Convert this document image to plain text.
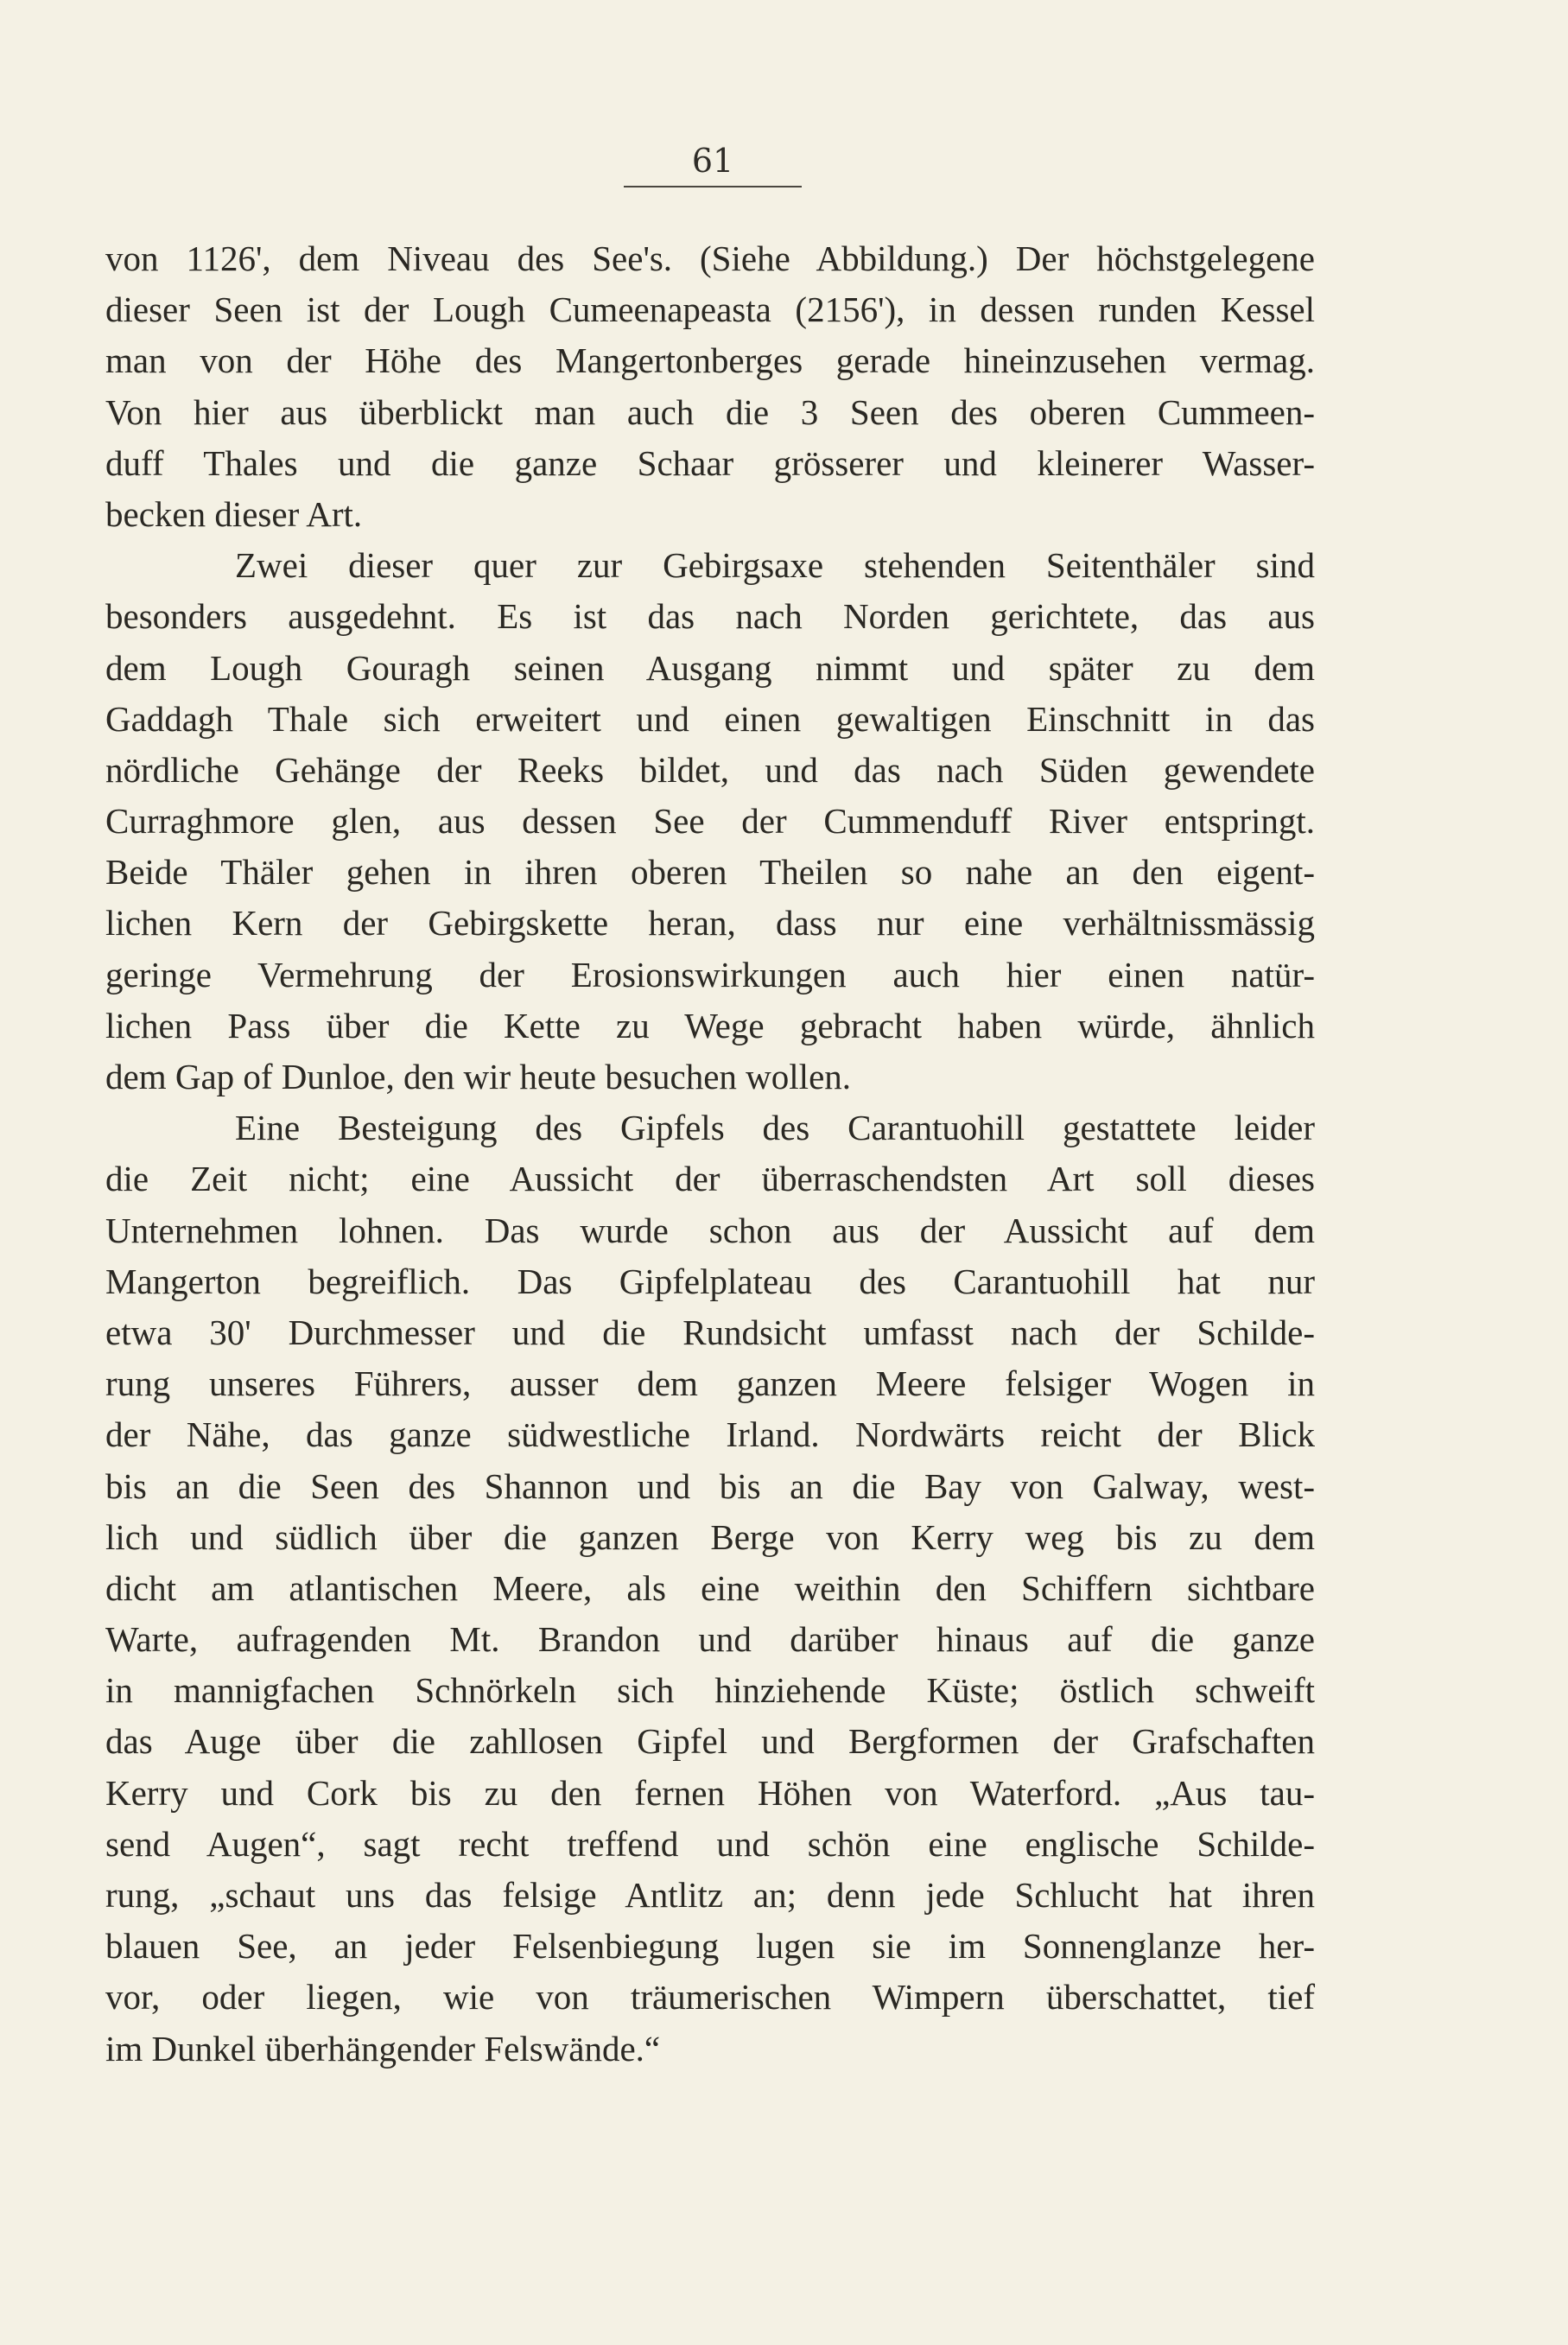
61
von 1126', dem Niveau des See's. (Siehe Abbildung.) Der höchstgelegene
dieser Seen ist der Lough Cumeenapeasta (2156'), in dessen runden Kessel
man von der Höhe des Mangertonberges gerade hineinzusehen vermag.
Von hier aus überblickt man auch die 3 Seen des oberen Cummeen-
duff Thales und die ganze Schaar grösserer und kleinerer Wasser-
becken dieser Art.
Zwei dieser quer zur Gebirgsaxe stehenden Seitenthäler sind
besonders ausgedehnt. Es ist das nach Norden gerichtete, das aus
dem Lough Gouragh seinen Ausgang nimmt und später zu dem
Gaddagh Thale sich erweitert und einen gewaltigen Einschnitt in das
nördliche Gehänge der Reeks bildet, und das nach Süden gewendete
Curraghmore glen, aus dessen See der Cummenduff River entspringt.
Beide Thäler gehen in ihren oberen Theilen so nahe an den eigent-
lichen Kern der Gebirgskette heran, dass nur eine verhältnissmässig
geringe Vermehrung der Erosionswirkungen auch hier einen natür-
lichen Pass über die Kette zu Wege gebracht haben würde, ähnlich
dem Gap of Dunloe, den wir heute besuchen wollen.
Eine Besteigung des Gipfels des Carantuohill gestattete leider
die Zeit nicht; eine Aussicht der überraschendsten Art soll dieses
Unternehmen lohnen. Das wurde schon aus der Aussicht auf dem
Mangerton begreiflich. Das Gipfelplateau des Carantuohill hat nur
etwa 30' Durchmesser und die Rundsicht umfasst nach der Schilde-
rung unseres Führers, ausser dem ganzen Meere felsiger Wogen in
der Nähe, das ganze südwestliche Irland. Nordwärts reicht der Blick
bis an die Seen des Shannon und bis an die Bay von Galway, west-
lich und südlich über die ganzen Berge von Kerry weg bis zu dem
dicht am atlantischen Meere, als eine weithin den Schiffern sichtbare
Warte, aufragenden Mt. Brandon und darüber hinaus auf die ganze
in mannigfachen Schnörkeln sich hinziehende Küste; östlich schweift
das Auge über die zahllosen Gipfel und Bergformen der Grafschaften
Kerry und Cork bis zu den fernen Höhen von Waterford. „Aus tau-
send Augen“, sagt recht treffend und schön eine englische Schilde-
rung, „schaut uns das felsige Antlitz an; denn jede Schlucht hat ihren
blauen See, an jeder Felsenbiegung lugen sie im Sonnenglanze her-
vor, oder liegen, wie von träumerischen Wimpern überschattet, tief
im Dunkel überhängender Felswände.“
